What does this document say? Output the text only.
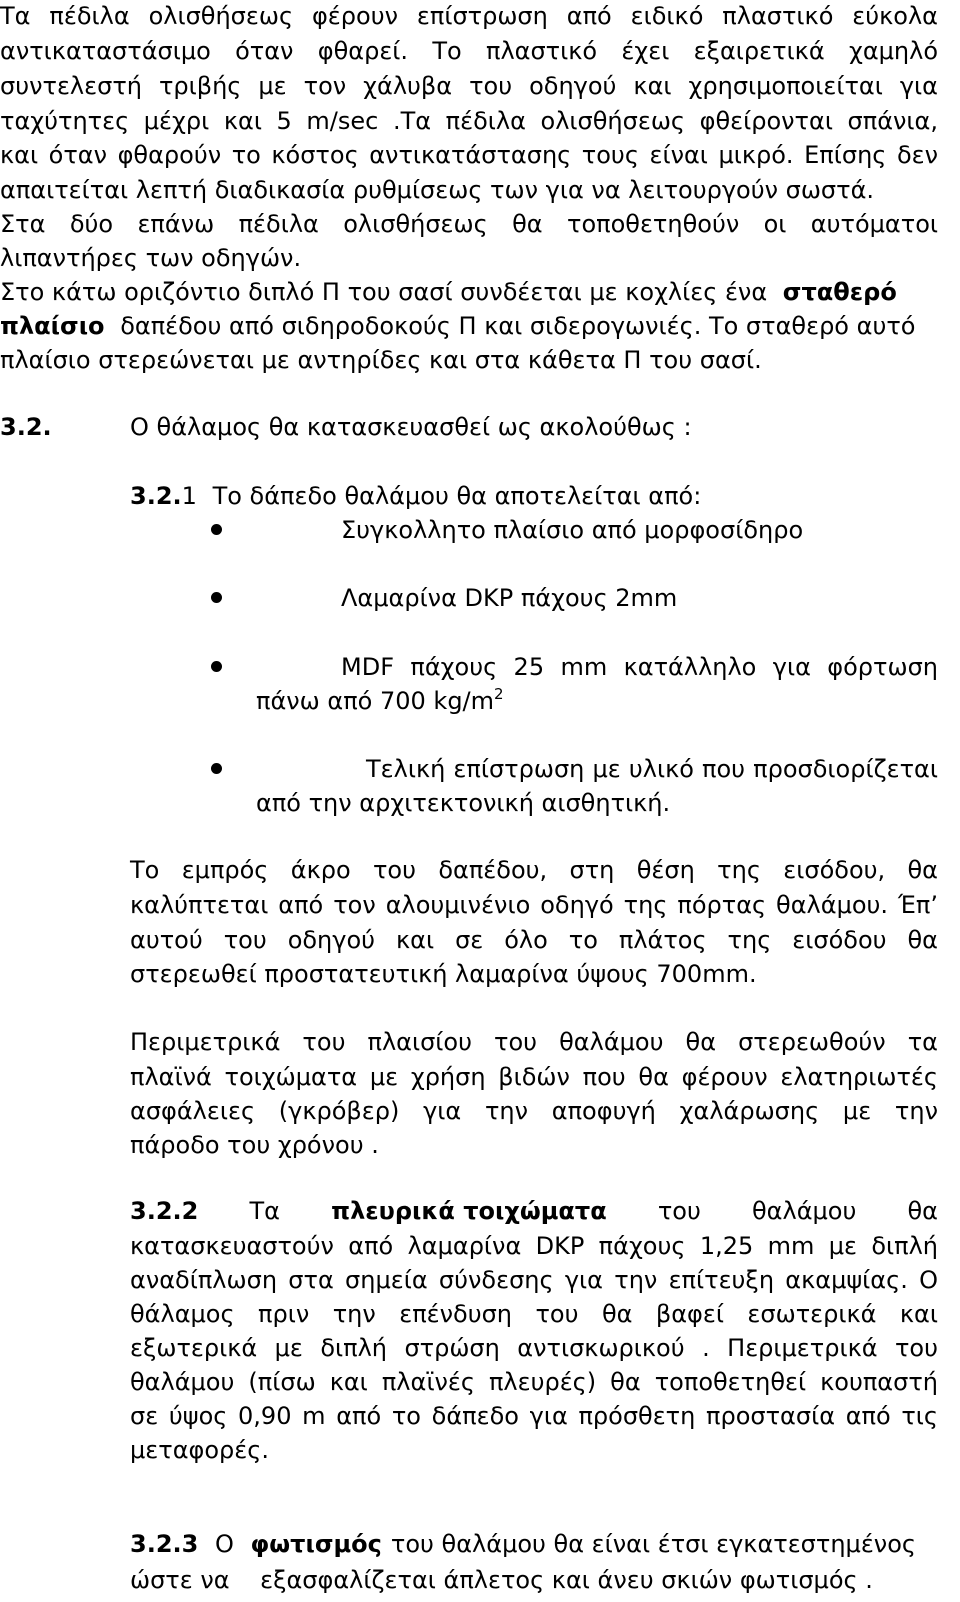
Τα πέδιλα ολισθήσεως φέρουν επίστρωση από ειδικό πλαστικό εύκολα
αντικαταστάσιμο όταν φθαρεί. Το πλαστικό έχει εξαιρετικά χαμηλό
συντελεστή τριβής με τον χάλυβα του οδηγού και χρησιμοποιείται για
ταχύτητες μέχρι και 5 m/sec .Τα πέδιλα ολισθήσεως φθείρονται σπάνια,
και όταν φθαρούν το κόστος αντικατάστασης τους είναι μικρό. Επίσης δεν
απαιτείται λεπτή διαδικασία ρυθμίσεως των για να λειτουργούν σωστά.
Στα δύο επάνω πέδιλα ολισθήσεως θα τοποθετηθούν οι αυτόματοι
λιπαντήρες των οδηγών.
Στο κάτω οριζόντιο διπλό Π του σασί συνδέεται με κοχλίες ένα σταθερό
πλαίσιο δαπέδου από σιδηροδοκούς Π και σιδερογωνιές. Το σταθερό αυτό
πλαίσιο στερεώνεται με αντηρίδες και στα κάθετα Π του σασί.
3.2.	Ο θάλαμος θα κατασκευασθεί ως ακολούθως :
3.2.1 Το δάπεδο θαλάμου θα αποτελείται από:
Συγκολλητο πλαίσιο από μορφοσίδηρο
Λαμαρίνα DKP πάχους 2mm
MDF πάχους 25 mm κατάλληλο για φόρτωση
πάνω από 700 $kg/m^2$
Τελική επίστρωση με υλικό που προσδιορίζεται
από την αρχιτεκτονική αισθητική.
Το εμπρός άκρο του δαπέδου, στη θέση της εισόδου, θα
καλύπτεται από τον αλουμινένιο οδηγό της πόρτας θαλάμου. Έπ’
αυτού του οδηγού και σε όλο το πλάτος της εισόδου θα
στερεωθεί προστατευτική λαμαρίνα ύψους 700mm.
Περιμετρικά του πλαισίου του θαλάμου θα στερεωθούν τα
πλαϊνά τοιχώματα με χρήση βιδών που θα φέρουν ελατηριωτές
ασφάλειες (γκρόβερ) για την αποφυγή χαλάρωσης με την
πάροδο του χρόνου .
3.2.2 Τα πλευρικά τοιχώματα του θαλάμου θα
κατασκευαστούν από λαμαρίνα DKP πάχους 1,25 mm με διπλή
αναδίπλωση στα σημεία σύνδεσης για την επίτευξη ακαμψίας. Ο
θάλαμος πριν την επένδυση του θα βαφεί εσωτερικά και
εξωτερικά με διπλή στρώση αντισκωρικού . Περιμετρικά του
θαλάμου (πίσω και πλαϊνές πλευρές) θα τοποθετηθεί κουπαστή
σε ύψος 0,90 m από το δάπεδο για πρόσθετη προστασία από τις
μεταφορές.
3.2.3 Ο φωτισμός του θαλάμου θα είναι έτσι εγκατεστημένος
ώστε να    εξασφαλίζεται άπλετος και άνευ σκιών φωτισμός .
